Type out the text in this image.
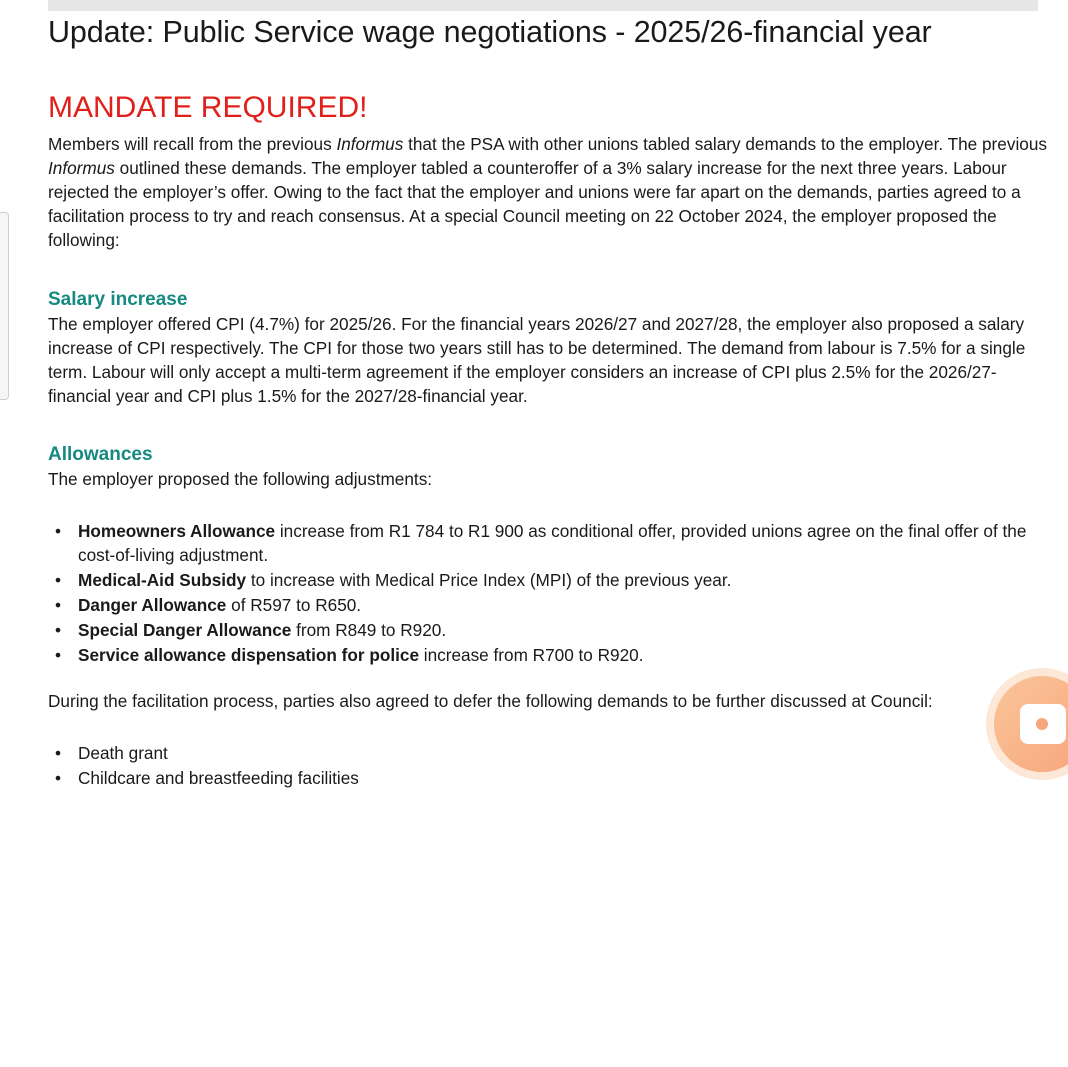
Update: Public Service wage negotiations - 2025/26-financial year
MANDATE REQUIRED!

Members will recall from the previous Informus that the PSA with other unions tabled salary demands to the employer. The previous Informus outlined these demands. The employer tabled a counteroffer of a 3% salary increase for the next three years. Labour rejected the employer’s offer. Owing to the fact that the employer and unions were far apart on the demands, parties agreed to a facilitation process to try and reach consensus. At a special Council meeting on 22 October 2024, the employer proposed the following:

Salary increase

The employer offered CPI (4.7%) for 2025/26. For the financial years 2026/27 and 2027/28, the employer also proposed a salary increase of CPI respectively. The CPI for those two years still has to be determined. The demand from labour is 7.5% for a single term. Labour will only accept a multi-term agreement if the employer considers an increase of CPI plus 2.5% for the 2026/27-financial year and CPI plus 1.5% for the 2027/28-financial year.

Allowances

The employer proposed the following adjustments:

• Homeowners Allowance increase from R1 784 to R1 900 as conditional offer, provided unions agree on the final offer of the cost-of-living adjustment.
• Medical-Aid Subsidy to increase with Medical Price Index (MPI) of the previous year.
• Danger Allowance of R597 to R650.
• Special Danger Allowance from R849 to R920.
• Service allowance dispensation for police increase from R700 to R920.

During the facilitation process, parties also agreed to defer the following demands to be further discussed at Council:

• Death grant
• Childcare and breastfeeding facilities
